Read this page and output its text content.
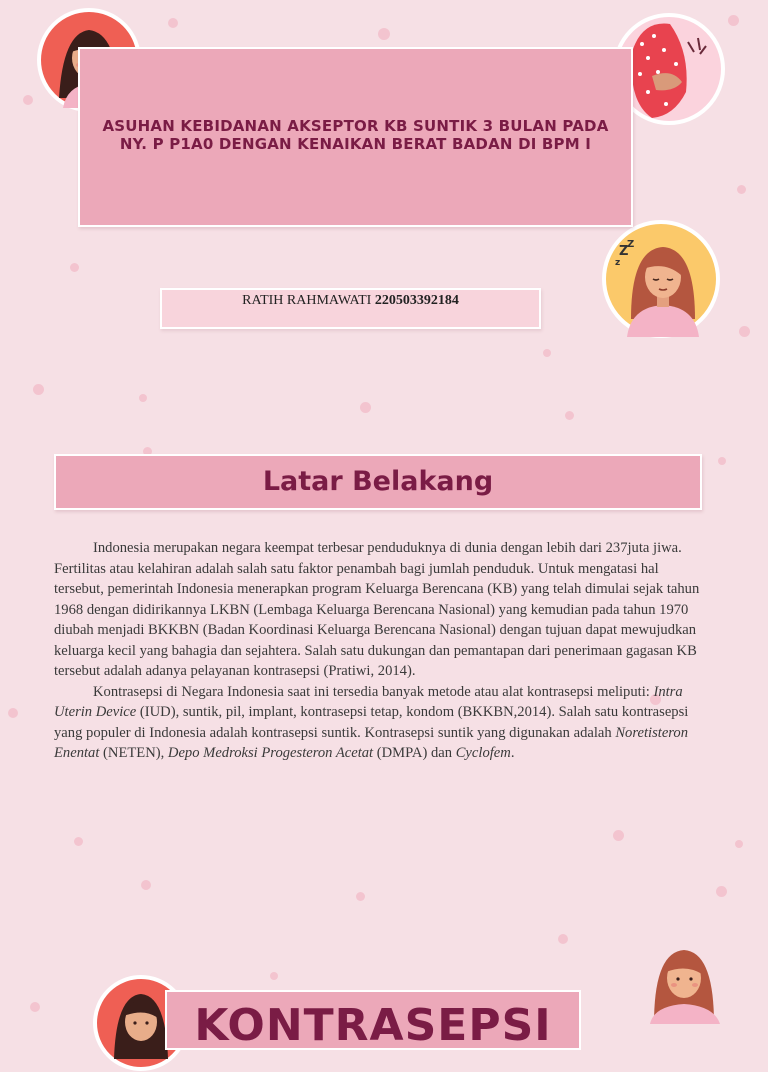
Z
Z
z
ASUHAN KEBIDANAN AKSEPTOR KB SUNTIK 3 BULAN PADA NY. P P1A0 DENGAN KENAIKAN BERAT BADAN DI BPM I
RATIH RAHMAWATI 220503392184
Latar Belakang

Indonesia merupakan negara keempat terbesar penduduknya di dunia dengan lebih dari 237juta jiwa. Fertilitas atau kelahiran adalah salah satu faktor penambah bagi jumlah penduduk. Untuk mengatasi hal tersebut, pemerintah Indonesia menerapkan program Keluarga Berencana (KB) yang telah dimulai sejak tahun 1968 dengan didirikannya LKBN (Lembaga Keluarga Berencana Nasional) yang kemudian pada tahun 1970 diubah menjadi BKKBN (Badan Koordinasi Keluarga Berencana Nasional) dengan tujuan dapat mewujudkan keluarga kecil yang bahagia dan sejahtera. Salah satu dukungan dan pemantapan dari penerimaan gagasan KB tersebut adalah adanya pelayanan kontrasepsi (Pratiwi, 2014).

Kontrasepsi di Negara Indonesia saat ini tersedia banyak metode atau alat kontrasepsi meliputi: Intra Uterin Device (IUD), suntik, pil, implant, kontrasepsi tetap, kondom (BKKBN,2014). Salah satu kontrasepsi yang populer di Indonesia adalah kontrasepsi suntik. Kontrasepsi suntik yang digunakan adalah Noretisteron Enentat (NETEN), Depo Medroksi Progesteron Acetat (DMPA) dan Cyclofem.

KONTRASEPSI
